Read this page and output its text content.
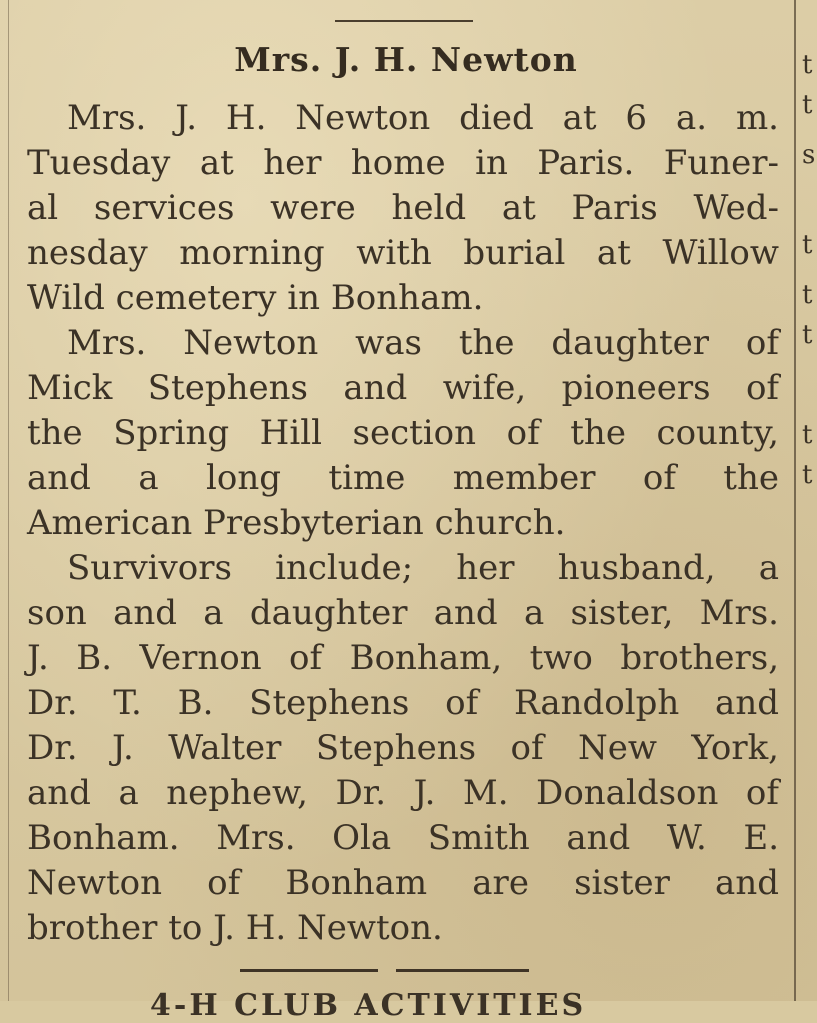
Mrs. J. H. Newton
Mrs. J. H. Newton died at 6 a. m.
Tuesday at her home in Paris. Funer-
al services were held at Paris Wed-
nesday morning with burial at Willow
Wild cemetery in Bonham.
Mrs. Newton was the daughter of
Mick Stephens and wife, pioneers of
the Spring Hill section of the county,
and a long time member of the
American Presbyterian church.
Survivors include; her husband, a
son and a daughter and a sister, Mrs.
J. B. Vernon of Bonham, two brothers,
Dr. T. B. Stephens of Randolph and
Dr. J. Walter Stephens of New York,
and a nephew, Dr. J. M. Donaldson of
Bonham. Mrs. Ola Smith and W. E.
Newton of Bonham are sister and
brother to J. H. Newton.
4-H CLUB ACTIVITIES
t
t
s
t
t
t
t
t
